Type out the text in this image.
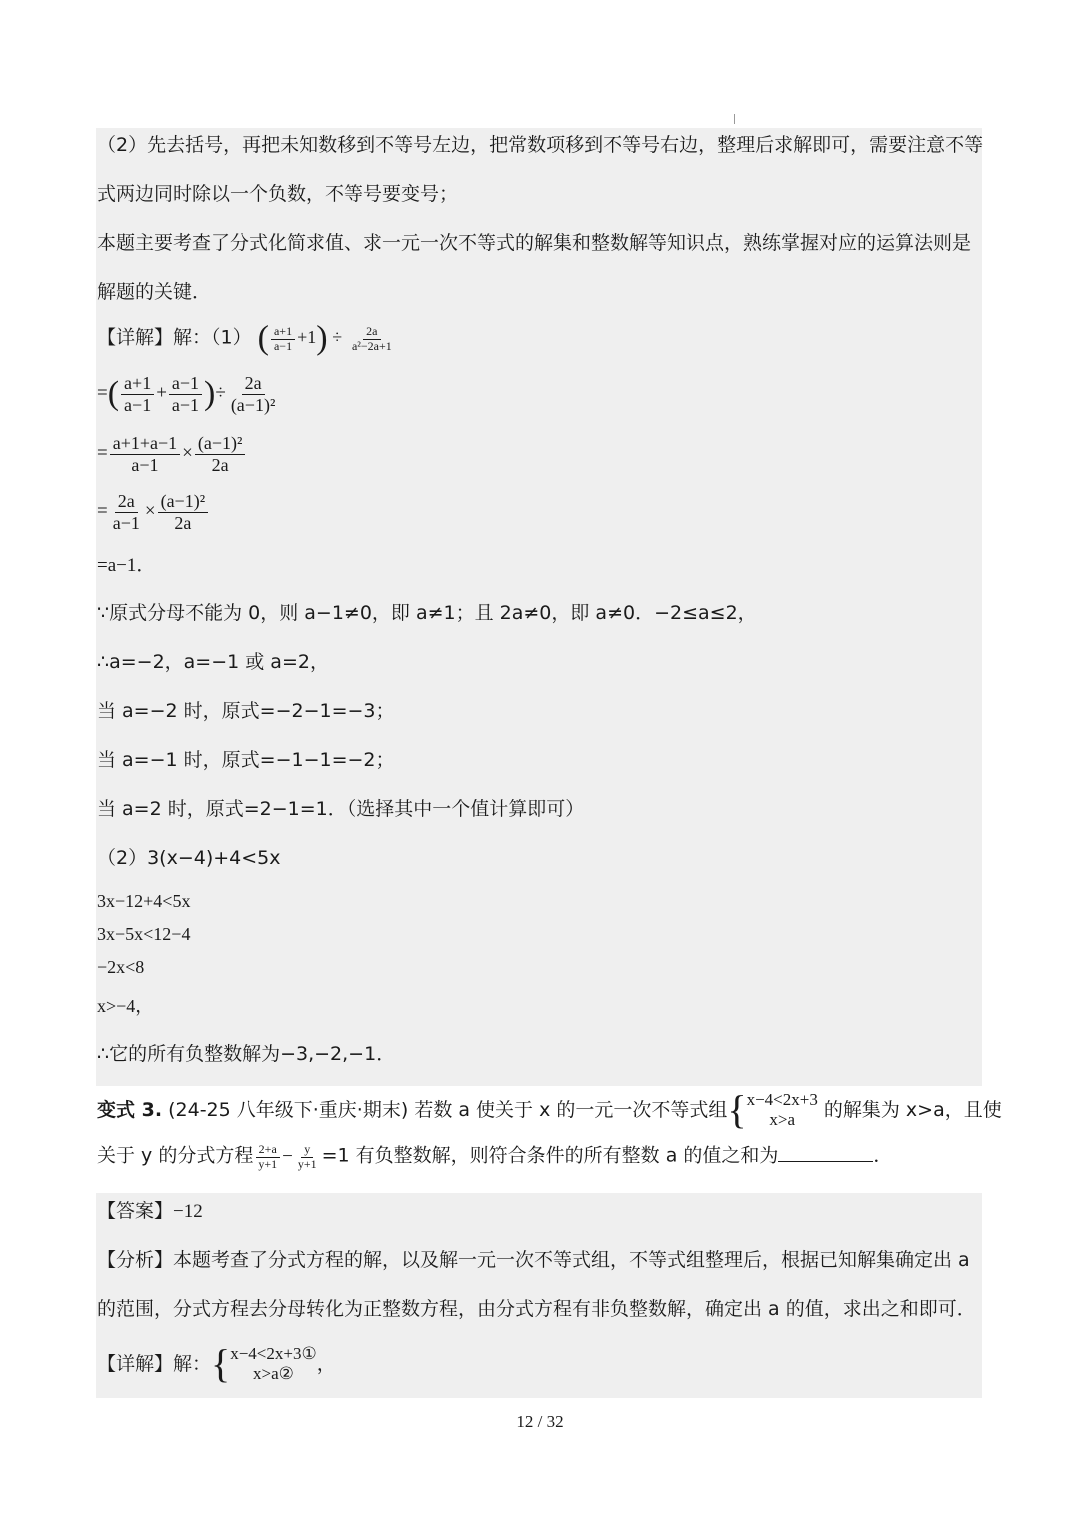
（2）先去括号，再把未知数移到不等号左边，把常数项移到不等号右边，整理后求解即可，需要注意不等
式两边同时除以一个负数，不等号要变号；
本题主要考查了分式化简求值、求一元一次不等式的解集和整数解等知识点，熟练掌握对应的运算法则是
解题的关键．
【详解】解：（1） ( $\frac{a+1}{a-1} +1) \div \frac{2a}{\text{a²−2a+1}}$
=( $\frac{a+1}{a-1} + \frac{a-1}{a-1}$ )÷ $\frac{2a}{\text{(a−1)²}}$
= $\frac{a+1+a-1}{a-1} \times \frac{\text{(a−1)²}}{2a}$
= $\frac{2a}{a-1} \times \frac{\text{(a−1)²}}{2a}$
=a−1．
∵原式分母不能为 0，则 a−1≠0，即 a≠1；且 2a≠0，即 a≠0．−2≤a≤2，
∴a=−2，a=−1 或 a=2，
当 a=−2 时，原式=−2−1=−3；
当 a=−1 时，原式=−1−1=−2；
当 a=2 时，原式=2−1=1．（选择其中一个值计算即可）
（2）3(x−4)+4<5x
3x−12+4<5x
3x−5x<12−4
−2x<8
x>−4，
∴它的所有负整数解为−3,−2,−1．
变式 3. (24-25 八年级下·重庆·期末) 若数 a 使关于 x 的一元一次不等式组 { x−4<2x+3
x>a	的解集为 x>a，且使
关于 y 的分式方程 $\frac{2+a}{y+1} - \frac{y}{y+1} =1$ 有负整数解，则符合条件的所有整数 a 的值之和为	．
【答案】−12
【分析】本题考查了分式方程的解，以及解一元一次不等式组，不等式组整理后，根据已知解集确定出 a
的范围，分式方程去分母转化为正整数方程，由分式方程有非负整数解，确定出 a 的值，求出之和即可．
【详解】解： { x−4<2x+3①
x>a②	，
12 / 32
